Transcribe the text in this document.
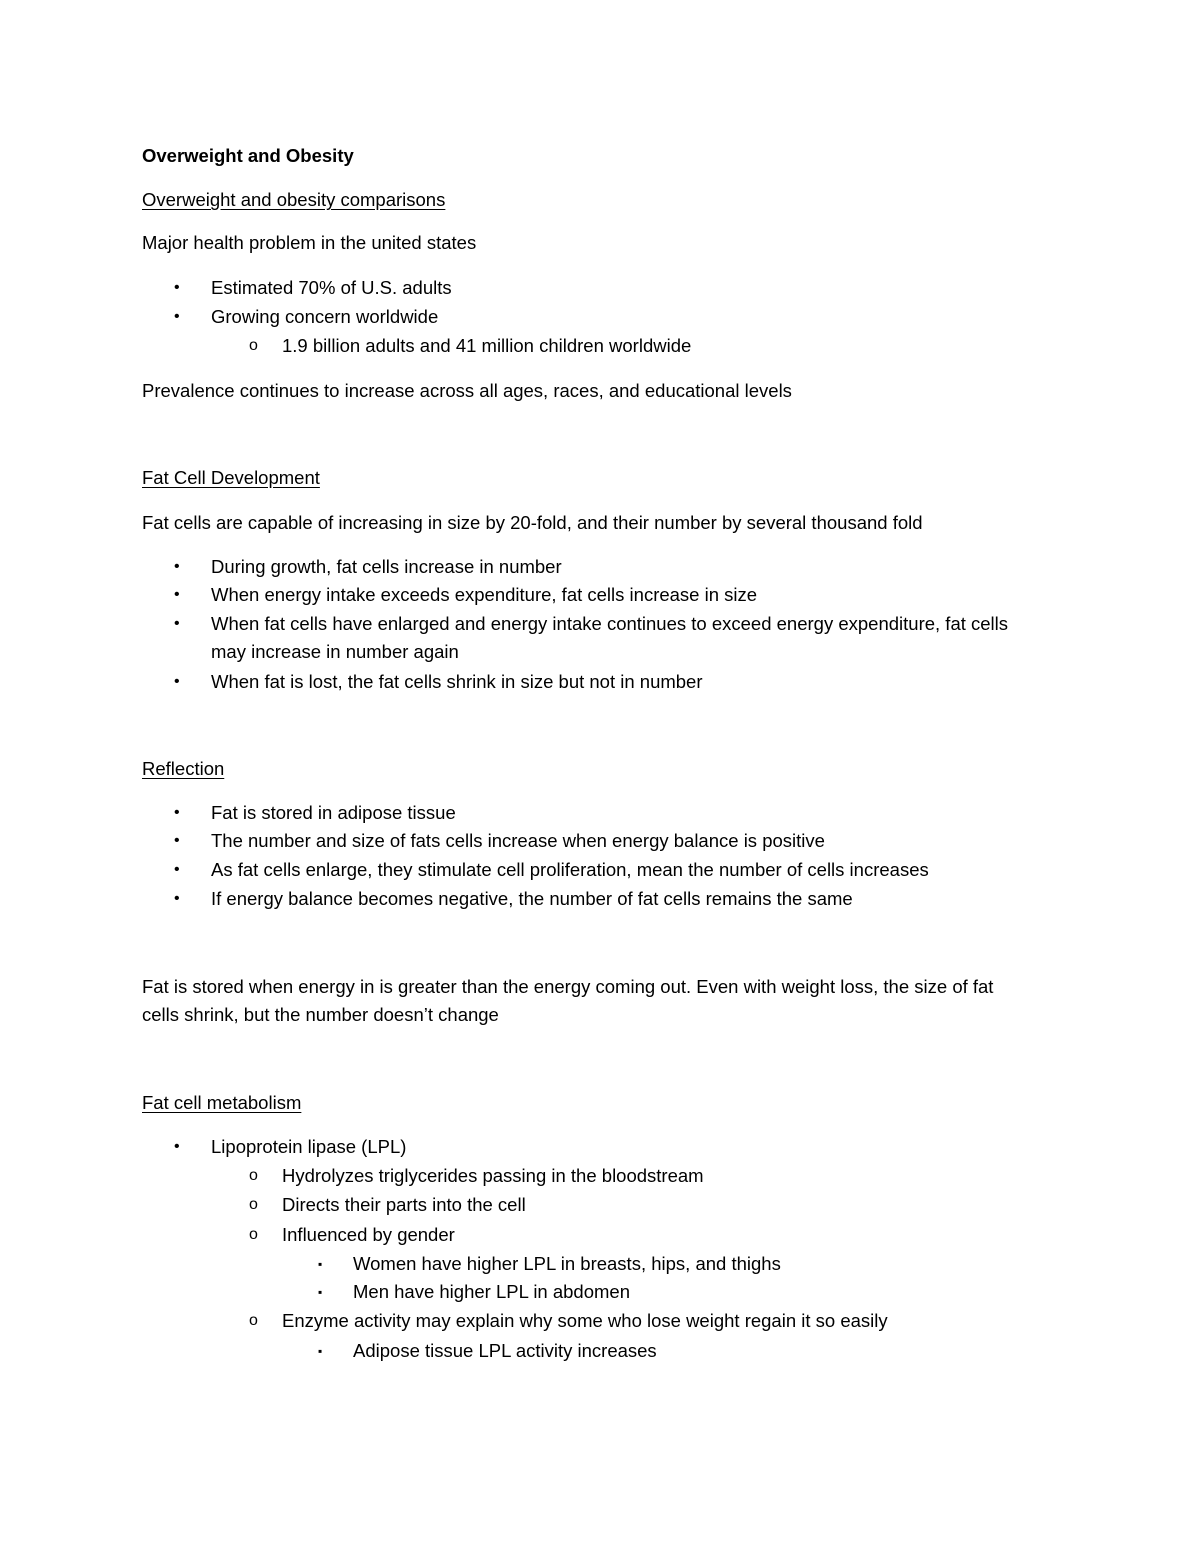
Overweight and Obesity
Overweight and obesity comparisons
Major health problem in the united states
•	Estimated 70% of U.S. adults
•	Growing concern worldwide
o	1.9 billion adults and 41 million children worldwide
Prevalence continues to increase across all ages, races, and educational levels
Fat Cell Development
Fat cells are capable of increasing in size by 20-fold, and their number by several thousand fold
•	During growth, fat cells increase in number
•	When energy intake exceeds expenditure, fat cells increase in size
•	When fat cells have enlarged and energy intake continues to exceed energy expenditure, fat cells
may increase in number again
•	When fat is lost, the fat cells shrink in size but not in number
Reflection
•	Fat is stored in adipose tissue
•	The number and size of fats cells increase when energy balance is positive
•	As fat cells enlarge, they stimulate cell proliferation, mean the number of cells increases
•	If energy balance becomes negative, the number of fat cells remains the same
Fat is stored when energy in is greater than the energy coming out. Even with weight loss, the size of fat
cells shrink, but the number doesn’t change
Fat cell metabolism
•	Lipoprotein lipase (LPL)
o	Hydrolyzes triglycerides passing in the bloodstream
o	Directs their parts into the cell
o	Influenced by gender
▪	Women have higher LPL in breasts, hips, and thighs
▪	Men have higher LPL in abdomen
o	Enzyme activity may explain why some who lose weight regain it so easily
▪	Adipose tissue LPL activity increases
